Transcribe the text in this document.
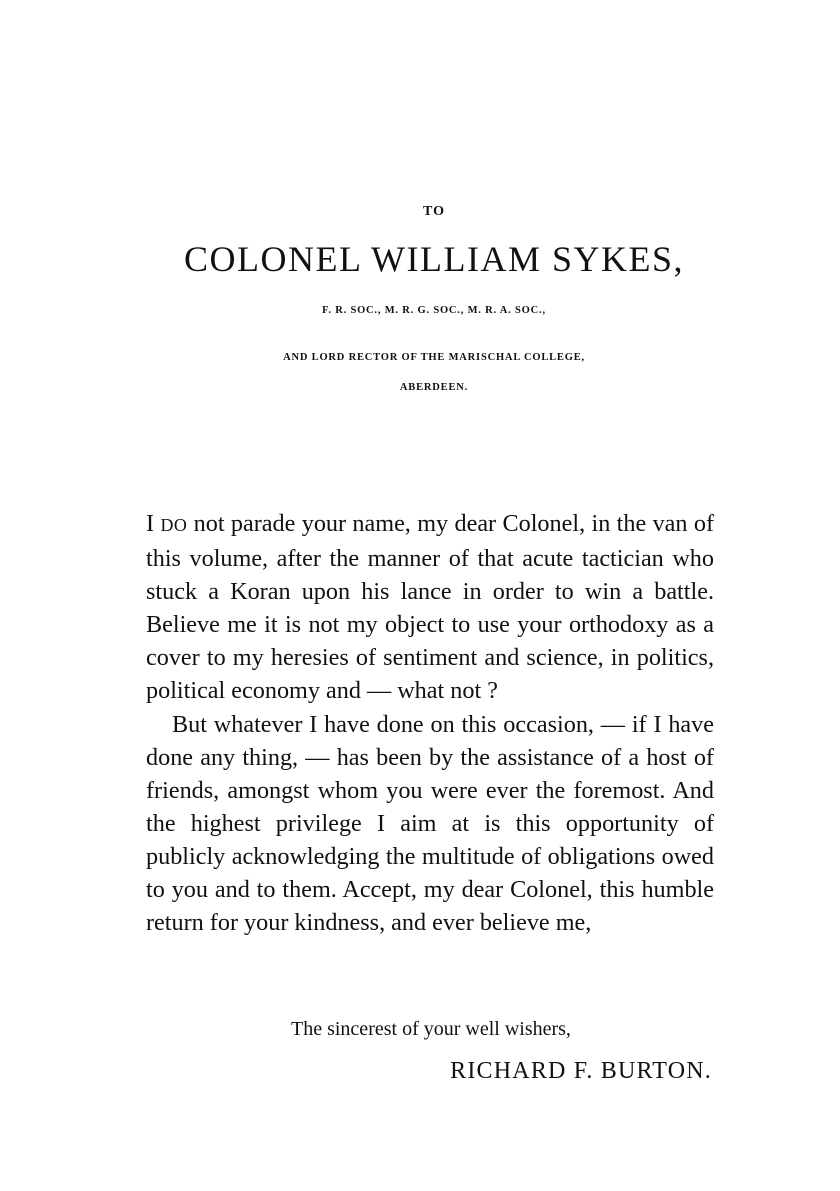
TO
COLONEL WILLIAM SYKES,
F. R. SOC., M. R. G. SOC., M. R. A. SOC.,
AND LORD RECTOR OF THE MARISCHAL COLLEGE,
ABERDEEN.

I DO not parade your name, my dear Colonel, in the van of this volume, after the manner of that acute tactician who stuck a Koran upon his lance in order to win a battle. Believe me it is not my object to use your orthodoxy as a cover to my heresies of sentiment and science, in politics, political economy and — what not ?

But whatever I have done on this occasion, — if I have done any thing, — has been by the assistance of a host of friends, amongst whom you were ever the foremost. And the highest privilege I aim at is this opportunity of publicly acknowledging the multitude of obligations owed to you and to them. Accept, my dear Colonel, this humble return for your kindness, and ever believe me,

The sincerest of your well wishers,
RICHARD F. BURTON.
